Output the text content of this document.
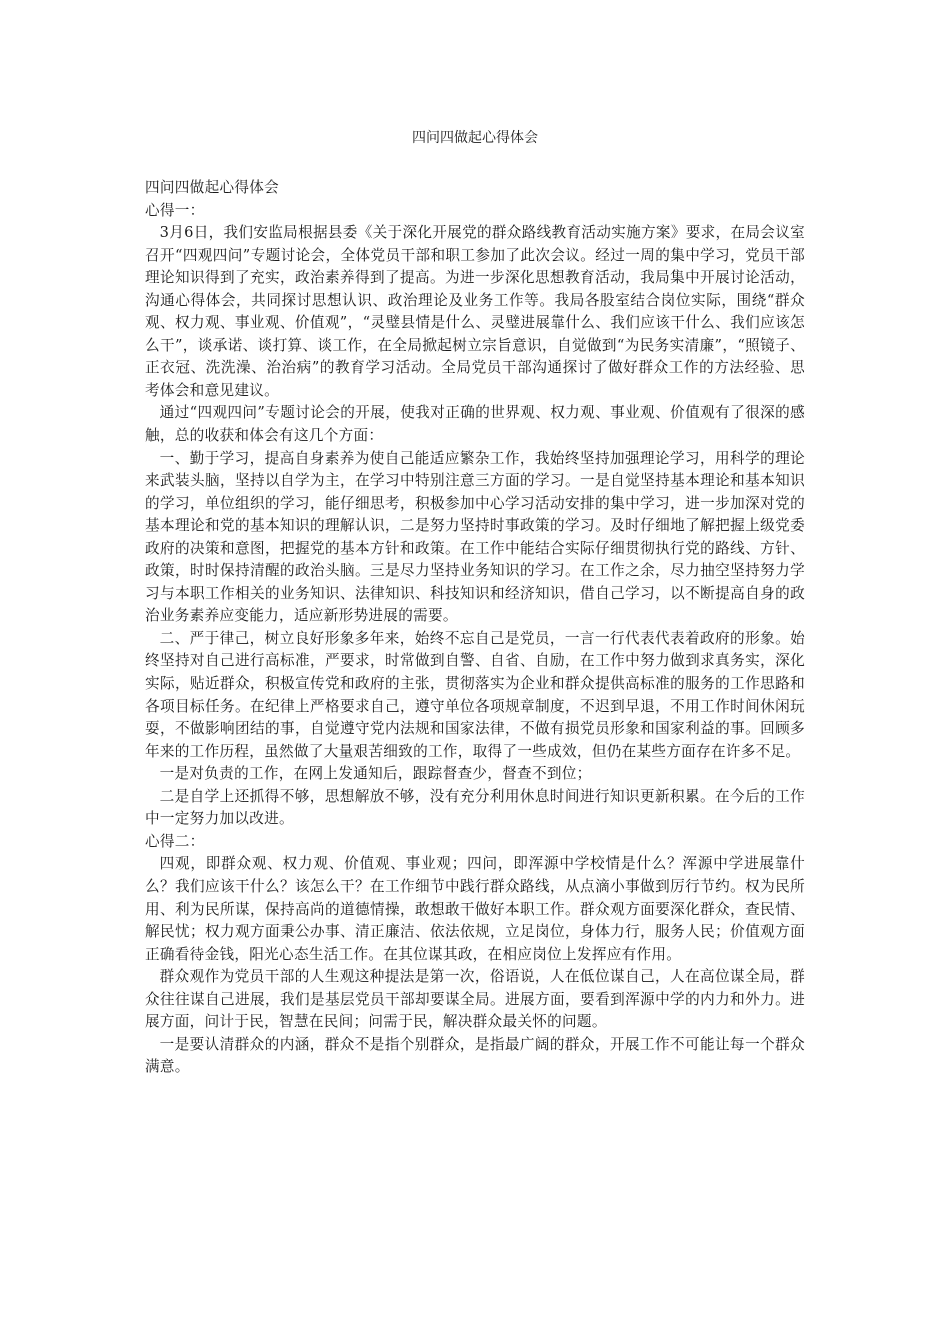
四问四做起心得体会

四问四做起心得体会

心得一：

3月6日，我们安监局根据县委《关于深化开展党的群众路线教育活动实施方案》要求，在局会议室召开“四观四问”专题讨论会，全体党员干部和职工参加了此次会议。经过一周的集中学习，党员干部理论知识得到了充实，政治素养得到了提高。为进一步深化思想教育活动，我局集中开展讨论活动，沟通心得体会，共同探讨思想认识、政治理论及业务工作等。我局各股室结合岗位实际，围绕“群众观、权力观、事业观、价值观”，“灵璧县情是什么、灵璧进展靠什么、我们应该干什么、我们应该怎么干”，谈承诺、谈打算、谈工作，在全局掀起树立宗旨意识，自觉做到“为民务实清廉”，“照镜子、正衣冠、洗洗澡、治治病”的教育学习活动。全局党员干部沟通探讨了做好群众工作的方法经验、思考体会和意见建议。

通过“四观四问”专题讨论会的开展，使我对正确的世界观、权力观、事业观、价值观有了很深的感触，总的收获和体会有这几个方面：

一、勤于学习，提高自身素养为使自己能适应繁杂工作，我始终坚持加强理论学习，用科学的理论来武装头脑，坚持以自学为主，在学习中特别注意三方面的学习。一是自觉坚持基本理论和基本知识的学习，单位组织的学习，能仔细思考，积极参加中心学习活动安排的集中学习，进一步加深对党的基本理论和党的基本知识的理解认识，二是努力坚持时事政策的学习。及时仔细地了解把握上级党委政府的决策和意图，把握党的基本方针和政策。在工作中能结合实际仔细贯彻执行党的路线、方针、政策，时时保持清醒的政治头脑。三是尽力坚持业务知识的学习。在工作之余，尽力抽空坚持努力学习与本职工作相关的业务知识、法律知识、科技知识和经济知识，借自己学习，以不断提高自身的政治业务素养应变能力，适应新形势进展的需要。

二、严于律己，树立良好形象多年来，始终不忘自己是党员，一言一行代表代表着政府的形象。始终坚持对自己进行高标准，严要求，时常做到自警、自省、自励，在工作中努力做到求真务实，深化实际，贴近群众，积极宣传党和政府的主张，贯彻落实为企业和群众提供高标准的服务的工作思路和各项目标任务。在纪律上严格要求自己，遵守单位各项规章制度，不迟到早退，不用工作时间休闲玩耍，不做影响团结的事，自觉遵守党内法规和国家法律，不做有损党员形象和国家利益的事。回顾多年来的工作历程，虽然做了大量艰苦细致的工作，取得了一些成效，但仍在某些方面存在许多不足。

一是对负责的工作，在网上发通知后，跟踪督查少，督查不到位；

二是自学上还抓得不够，思想解放不够，没有充分利用休息时间进行知识更新积累。在今后的工作中一定努力加以改进。

心得二：

四观，即群众观、权力观、价值观、事业观；四问，即浑源中学校情是什么？浑源中学进展靠什么？我们应该干什么？该怎么干？在工作细节中践行群众路线，从点滴小事做到厉行节约。权为民所用、利为民所谋，保持高尚的道德情操，敢想敢干做好本职工作。群众观方面要深化群众，查民情、解民忧；权力观方面秉公办事、清正廉洁、依法依规，立足岗位，身体力行，服务人民；价值观方面正确看待金钱，阳光心态生活工作。在其位谋其政，在相应岗位上发挥应有作用。

群众观作为党员干部的人生观这种提法是第一次，俗语说，人在低位谋自己，人在高位谋全局，群众往往谋自己进展，我们是基层党员干部却要谋全局。进展方面，要看到浑源中学的内力和外力。进展方面，问计于民，智慧在民间；问需于民，解决群众最关怀的问题。

一是要认清群众的内涵，群众不是指个别群众，是指最广阔的群众，开展工作不可能让每一个群众满意。
